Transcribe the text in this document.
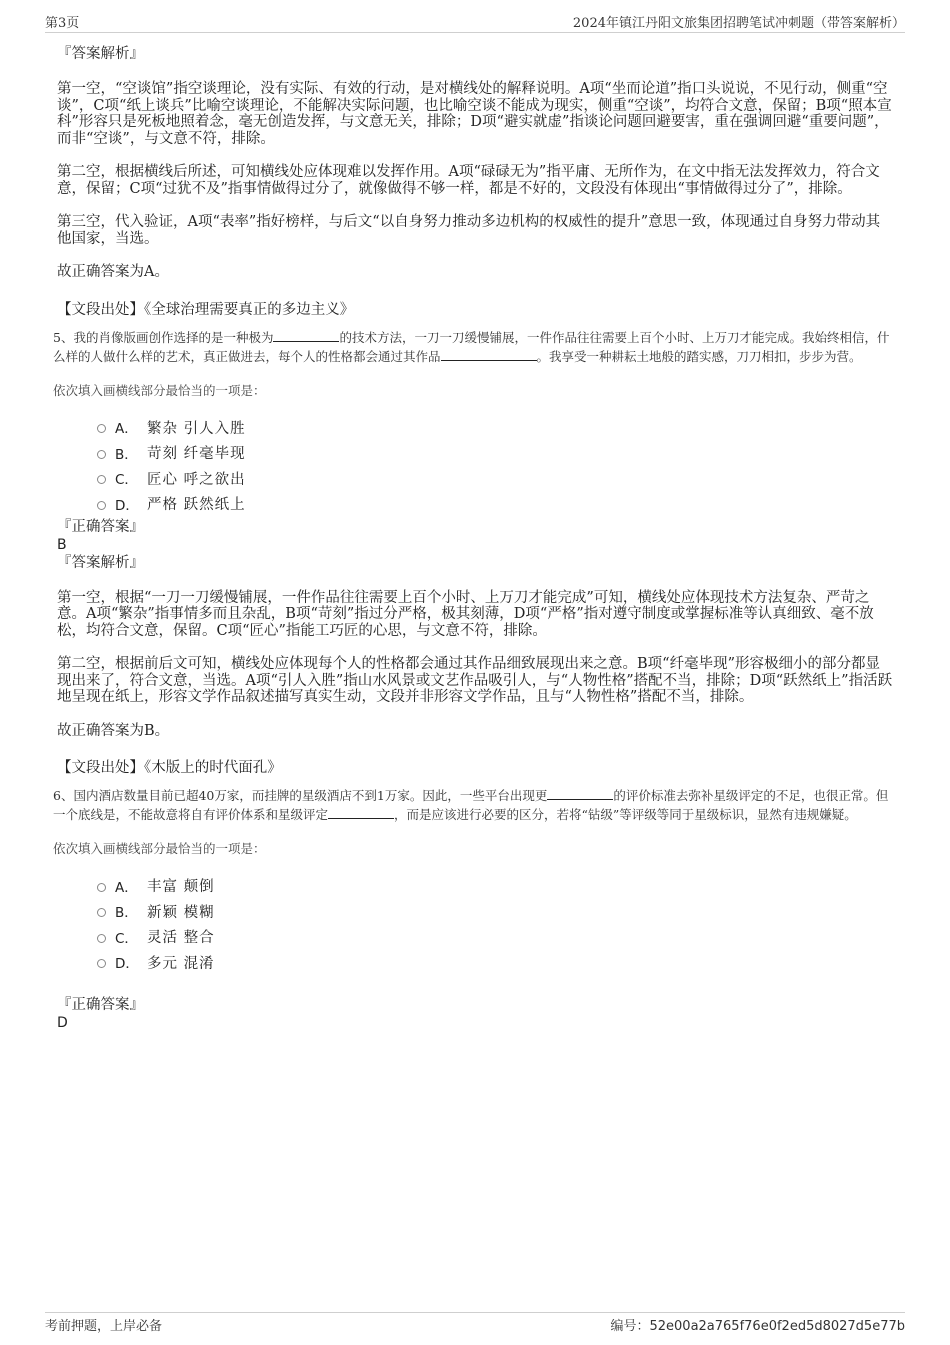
第3页	2024年镇江丹阳文旅集团招聘笔试冲刺题（带答案解析）

『答案解析』

第一空，“空谈馆”指空谈理论，没有实际、有效的行动，是对横线处的解释说明。A项“坐而论道”指口头说说，不见行动，侧重“空谈”，C项“纸上谈兵”比喻空谈理论，不能解决实际问题，也比喻空谈不能成为现实，侧重“空谈”，均符合文意，保留；B项“照本宣科”形容只是死板地照着念，毫无创造发挥，与文意无关，排除；D项“避实就虚”指谈论问题回避要害，重在强调回避“重要问题”，而非“空谈”，与文意不符，排除。

第二空，根据横线后所述，可知横线处应体现难以发挥作用。A项“碌碌无为”指平庸、无所作为，在文中指无法发挥效力，符合文意，保留；C项“过犹不及”指事情做得过分了，就像做得不够一样，都是不好的，文段没有体现出“事情做得过分了”，排除。

第三空，代入验证，A项“表率”指好榜样，与后文“以自身努力推动多边机构的权威性的提升”意思一致，体现通过自身努力带动其他国家，当选。

故正确答案为A。

【文段出处】《全球治理需要真正的多边主义》

5、我的肖像版画创作选择的是一种极为	的技术方法，一刀一刀缓慢铺展，一件作品往往需要上百个小时、上万刀才能完成。我始终相信，什么样的人做什么样的艺术，真正做进去，每个人的性格都会通过其作品	。我享受一种耕耘土地般的踏实感，刀刀相扣，步步为营。

依次填入画横线部分最恰当的一项是：

A． 繁杂 引人入胜
B． 苛刻 纤毫毕现
C． 匠心 呼之欲出
D． 严格 跃然纸上

『正确答案』

B

『答案解析』

第一空，根据“一刀一刀缓慢铺展，一件作品往往需要上百个小时、上万刀才能完成”可知，横线处应体现技术方法复杂、严苛之意。A项“繁杂”指事情多而且杂乱，B项“苛刻”指过分严格，极其刻薄，D项“严格”指对遵守制度或掌握标准等认真细致、毫不放松，均符合文意，保留。C项“匠心”指能工巧匠的心思，与文意不符，排除。

第二空，根据前后文可知，横线处应体现每个人的性格都会通过其作品细致展现出来之意。B项“纤毫毕现”形容极细小的部分都显现出来了，符合文意，当选。A项“引人入胜”指山水风景或文艺作品吸引人，与“人物性格”搭配不当，排除；D项“跃然纸上”指活跃地呈现在纸上，形容文学作品叙述描写真实生动，文段并非形容文学作品，且与“人物性格”搭配不当，排除。

故正确答案为B。

【文段出处】《木版上的时代面孔》

6、国内酒店数量目前已超40万家，而挂牌的星级酒店不到1万家。因此，一些平台出现更	的评价标准去弥补星级评定的不足，也很正常。但一个底线是，不能故意将自有评价体系和星级评定	，而是应该进行必要的区分，若将“钻级”等评级等同于星级标识，显然有违规嫌疑。

依次填入画横线部分最恰当的一项是：

A． 丰富 颠倒
B． 新颖 模糊
C． 灵活 整合
D． 多元 混淆

『正确答案』

D

考前押题，上岸必备	编号：52e00a2a765f76e0f2ed5d8027d5e77b
